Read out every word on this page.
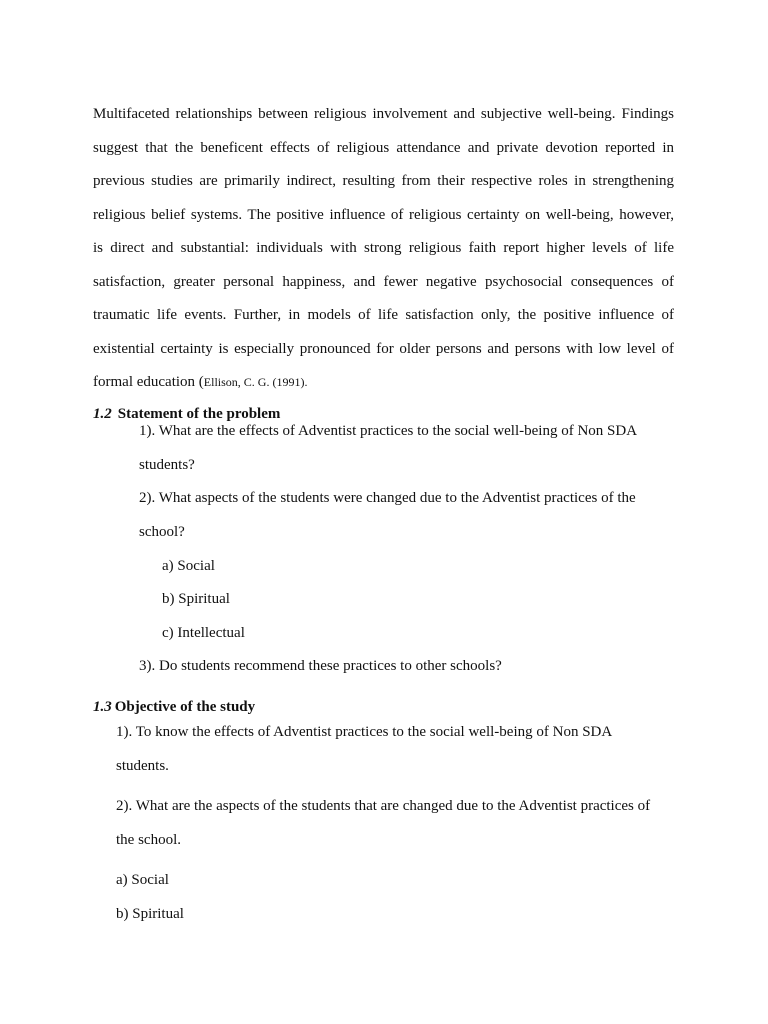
Multifaceted relationships between religious involvement and subjective well-being. Findings
suggest that the beneficent effects of religious attendance and private devotion reported in
previous studies are primarily indirect, resulting from their respective roles in strengthening
religious belief systems. The positive influence of religious certainty on well-being, however,
is direct and substantial: individuals with strong religious faith report higher levels of life
satisfaction, greater personal happiness, and fewer negative psychosocial consequences of
traumatic life events. Further, in models of life satisfaction only, the positive influence of
existential certainty is especially pronounced for older persons and persons with low level of
formal education (Ellison, C. G. (1991).
1.2 Statement of the problem

1). What are the effects of Adventist practices to the social well-being of Non SDA

students?

2). What aspects of the students were changed due to the Adventist practices of the

school?

a) Social

b) Spiritual

c) Intellectual

3). Do students recommend these practices to other schools?

1.3 Objective of the study

1). To know the effects of Adventist practices to the social well-being of Non SDA

students.

2). What are the aspects of the students that are changed due to the Adventist practices of

the school.

a) Social

b) Spiritual
